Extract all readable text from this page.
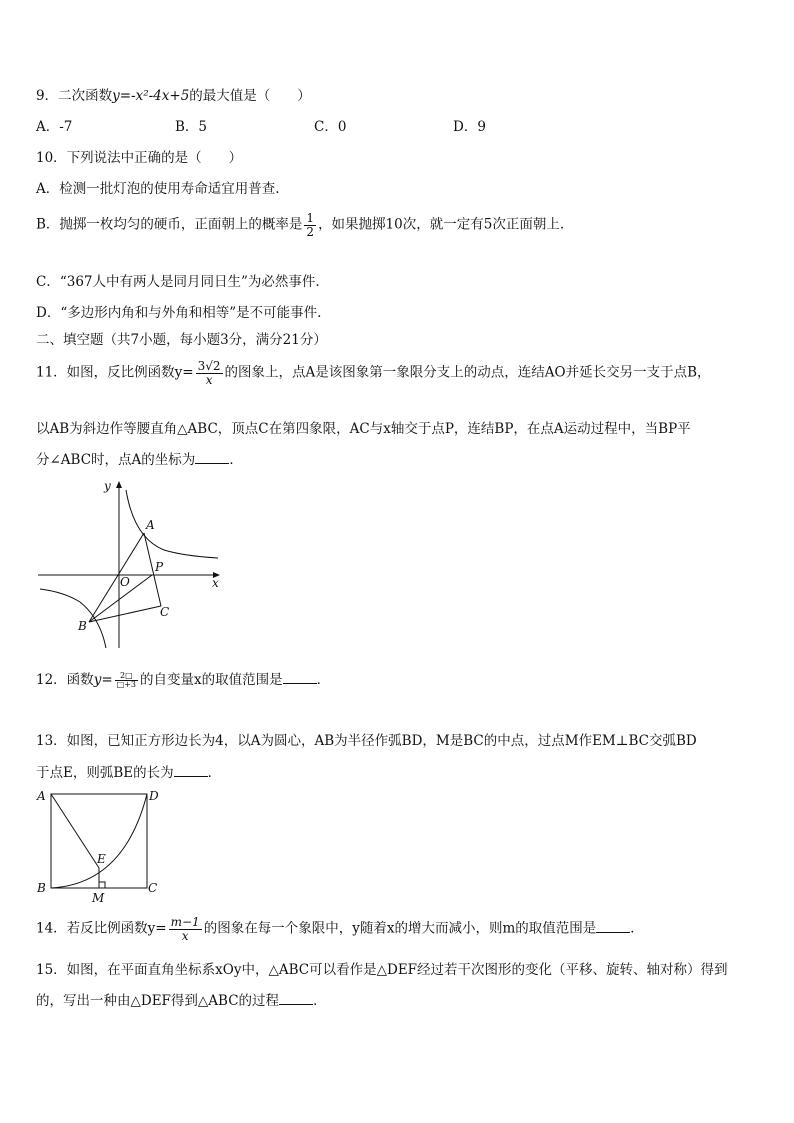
9．二次函数y=-x²-4x+5的最大值是（　　）
A．-7	B．5	C．0	D．9
10．下列说法中正确的是（　　）
A．检测一批灯泡的使用寿命适宜用普查.
B．抛掷一枚均匀的硬币，正面朝上的概率是 $\frac{1}{2}$ ，如果抛掷10次，就一定有5次正面朝上.
C．“367人中有两人是同月同日生”为必然事件.
D．“多边形内角和与外角和相等”是不可能事件.
二、填空题（共7小题，每小题3分，满分21分）
11．如图，反比例函数$y= \frac{3√2}{x}$ 的图象上，点A是该图象第一象限分支上的动点，连结AO并延长交另一支于点B，
以AB为斜边作等腰直角△ABC，顶点C在第四象限，AC与x轴交于点P，连结BP，在点A运动过程中，当BP平
分∠ABC时，点A的坐标为	．
y
x
A
O
P
B
C
12．函数$y= \frac{2□}{□+3}$ 的自变量x的取值范围是	．
13．如图，已知正方形边长为4，以A为圆心，AB为半径作弧BD，M是BC的中点，过点M作EM⊥BC交弧BD
于点E，则弧BE的长为	．
A	D
E
B
M
C
14．若反比例函数$y= \frac{m-1}{x}$ 的图象在每一个象限中，y随着x的增大而减小，则m的取值范围是	．
15．如图，在平面直角坐标系xOy中，△ABC可以看作是△DEF经过若干次图形的变化（平移、旋转、轴对称）得到
的，写出一种由△DEF得到△ABC的过程	．
